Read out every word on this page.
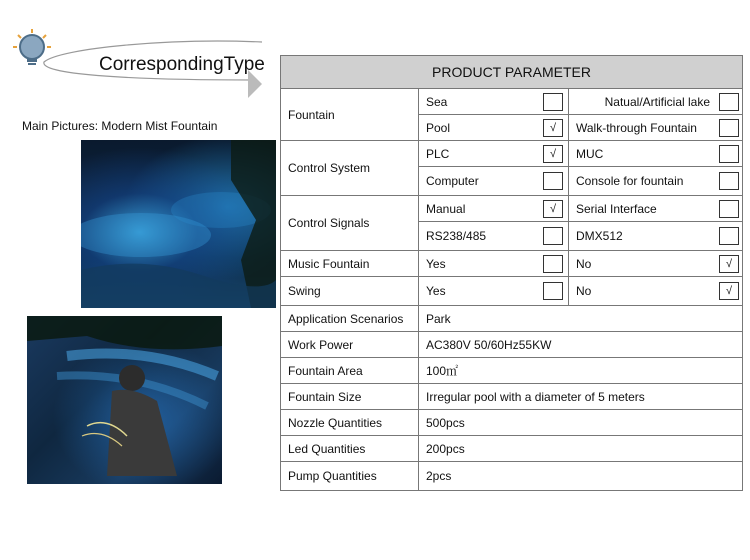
CorrespondingType
Main Pictures: Modern Mist Fountain
PRODUCT PARAMETER				
Fountain	Sea		Natual/Artificial lake	

	Pool	√	Walk-through Fountain	

Control System	PLC	√	MUC	

	Computer		Console for fountain	

Control Signals	Manual	√	Serial Interface	

	RS238/485		DMX512	

Music Fountain	Yes		No	√

Swing	Yes		No	√

Application Scenarios	Park			
Work Power	AC380V 50/60Hz55KW			
Fountain Area	100㎡			
Fountain Size	Irregular pool with a diameter of 5 meters			
Nozzle Quantities	500pcs			
Led Quantities	200pcs			
Pump Quantities	2pcs			
